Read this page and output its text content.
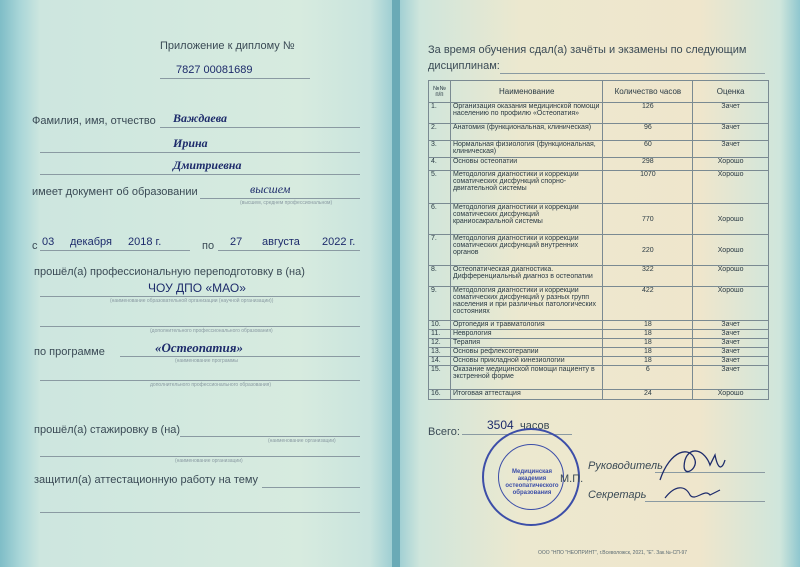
Приложение к диплому №
7827 00081689
Фамилия, имя, отчество Важдаева
Ирина
Дмитриевна
имеет документ об образовании	высшем
(высшем, среднем профессиональном)
с 03 декабря 2018 г.	по 27 августа 2022 г.
прошёл(а) профессиональную переподготовку в (на)
ЧОУ ДПО «МАО»
(наименование образовательной организации (научной организации))
(дополнительного профессионального образования)
по программе	«Остеопатия»
(наименование программы
дополнительного профессионального образования)
прошёл(а) стажировку в (на)
(наименование организации)
(наименование организации)
защитил(а) аттестационную работу на тему
За время обучения сдал(а) зачёты и экзамены по следующим
дисциплинам:
№№ п/п	Наименование	Количество часов	Оценка
1.	Организация оказания медицинской помощи населению по профилю «Остеопатия»	126	Зачет
2.	Анатомия (функциональная, клиническая)	96	Зачет
3.	Нормальная физиология (функциональная, клиническая)	60	Зачет
4.	Основы остеопатии	298	Хорошо
5.	Методология диагностики и коррекции соматических дисфункций спорно-двигательной системы	1070	Хорошо
6.	Методология диагностики и коррекции соматических дисфункций краниосакральной системы	770	Хорошо
7.	Методология диагностики и коррекции соматических дисфункций внутренних органов	220	Хорошо
8.	Остеопатическая диагностика. Дифференциальный диагноз в остеопатии	322	Хорошо
9.	Методология диагностики и коррекции соматических дисфункций у разных групп населения и при различных патологических состояниях	422	Хорошо
10.	Ортопедия и травматология	18	Зачет
11.	Неврология	18	Зачет
12.	Терапия	18	Зачет
13.	Основы рефлексотерапии	18	Зачет
14.	Основы прикладной кинезиологии	18	Зачет
15.	Оказание медицинской помощи пациенту в экстренной форме	6	Зачет
16.	Итоговая аттестация	24	Хорошо
Всего: 3504 часов
Медицинская академия остеопатического образования
М.П.
Руководитель
Секретарь
ООО "НПО "НЕОПРИНТ", г.Всеволожск, 2021, "Е". Зак.№-СП-97
